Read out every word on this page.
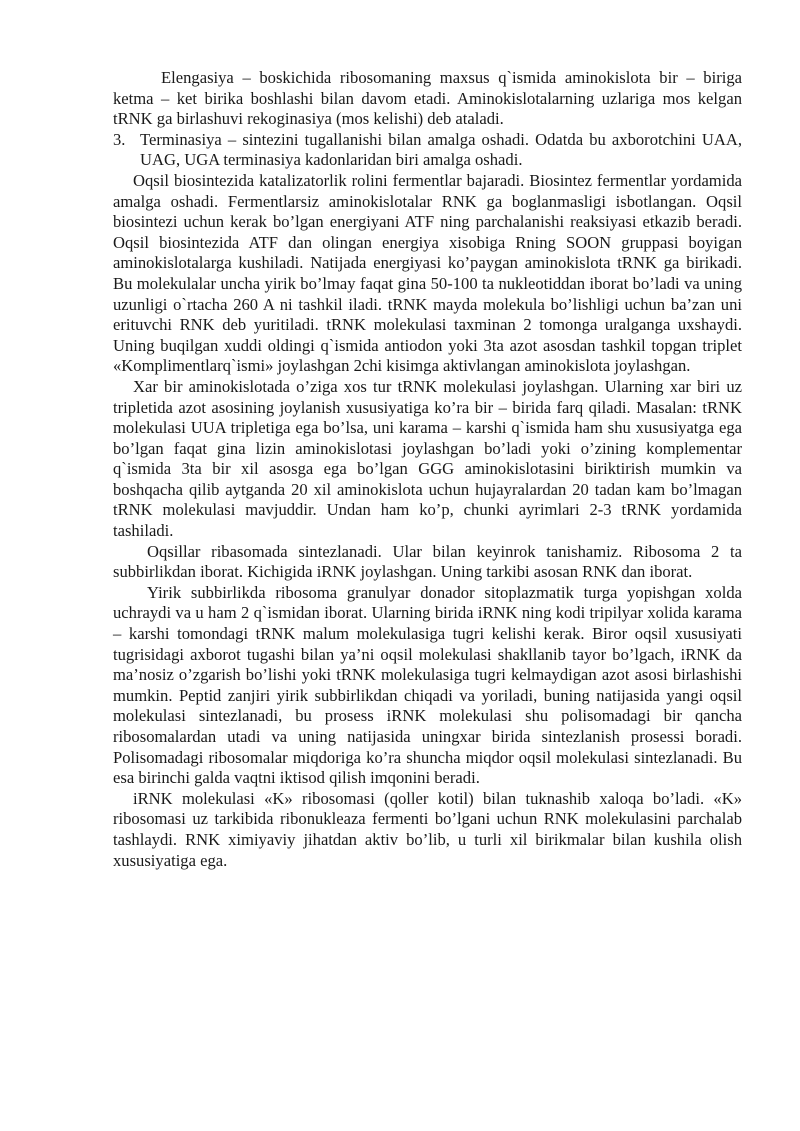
Elengasiya – boskichida ribosomaning maxsus q`ismida aminokislota bir – biriga ketma – ket birika boshlashi bilan davom etadi. Aminokislotalarning uzlariga mos kelgan tRNK ga birlashuvi rekoginasiya (mos kelishi) deb ataladi.

3. Terminasiya – sintezini tugallanishi bilan amalga oshadi. Odatda bu axborotchini UAA, UAG, UGA terminasiya kadonlaridan biri amalga oshadi.

Oqsil biosintezida katalizatorlik rolini fermentlar bajaradi. Biosintez fermentlar yordamida amalga oshadi. Fermentlarsiz aminokislotalar RNK ga boglanmasligi isbotlangan. Oqsil biosintezi uchun kerak bo’lgan energiyani ATF ning parchalanishi reaksiyasi etkazib beradi. Oqsil biosintezida ATF dan olingan energiya xisobiga Rning SOON gruppasi boyigan aminokislotalarga kushiladi. Natijada energiyasi ko’paygan aminokislota tRNK ga birikadi. Bu molekulalar uncha yirik bo’lmay faqat gina 50-100 ta nukleotiddan iborat bo’ladi va uning uzunligi o`rtacha 260 A ni tashkil iladi. tRNK mayda molekula bo’lishligi uchun ba’zan uni erituvchi RNK deb yuritiladi. tRNK molekulasi taxminan 2 tomonga uralganga uxshaydi. Uning buqilgan xuddi oldingi q`ismida antiodon yoki 3ta azot asosdan tashkil topgan triplet «Komplimentlarq`ismi» joylashgan 2chi kisimga aktivlangan aminokislota joylashgan.

Xar bir aminokislotada o’ziga xos tur tRNK molekulasi joylashgan. Ularning xar biri uz tripletida azot asosining joylanish xususiyatiga ko’ra bir – birida farq qiladi. Masalan: tRNK molekulasi UUA tripletiga ega bo’lsa, uni karama – karshi q`ismida ham shu xususiyatga ega bo’lgan faqat gina lizin aminokislotasi joylashgan bo’ladi yoki o’zining komplementar q`ismida 3ta bir xil asosga ega bo’lgan GGG aminokislotasini biriktirish mumkin va boshqacha qilib aytganda 20 xil aminokislota uchun hujayralardan 20 tadan kam bo’lmagan tRNK molekulasi mavjuddir. Undan ham ko’p, chunki ayrimlari 2-3 tRNK yordamida tashiladi.

Oqsillar ribasomada sintezlanadi. Ular bilan keyinrok tanishamiz. Ribosoma 2 ta subbirlikdan iborat. Kichigida iRNK joylashgan. Uning tarkibi asosan RNK dan iborat.

Yirik subbirlikda ribosoma granulyar donador sitoplazmatik turga yopishgan xolda uchraydi va u ham 2 q`ismidan iborat. Ularning birida iRNK ning kodi tripilyar xolida karama – karshi tomondagi tRNK malum molekulasiga tugri kelishi kerak. Biror oqsil xususiyati tugrisidagi axborot tugashi bilan ya’ni oqsil molekulasi shakllanib tayor bo’lgach, iRNK da ma’nosiz o’zgarish bo’lishi yoki tRNK molekulasiga tugri kelmaydigan azot asosi birlashishi mumkin. Peptid zanjiri yirik subbirlikdan chiqadi va yoriladi, buning natijasida yangi oqsil molekulasi sintezlanadi, bu prosess iRNK molekulasi shu polisomadagi bir qancha ribosomalardan utadi va uning natijasida uningxar birida sintezlanish prosessi boradi. Polisomadagi ribosomalar miqdoriga ko’ra shuncha miqdor oqsil molekulasi sintezlanadi. Bu esa birinchi galda vaqtni iktisod qilish imqonini beradi.

iRNK molekulasi «K» ribosomasi (qoller kotil) bilan tuknashib xaloqa bo’ladi. «K» ribosomasi uz tarkibida ribonukleaza fermenti bo’lgani uchun RNK molekulasini parchalab tashlaydi. RNK ximiyaviy jihatdan aktiv bo’lib, u turli xil birikmalar bilan kushila olish xususiyatiga ega.
